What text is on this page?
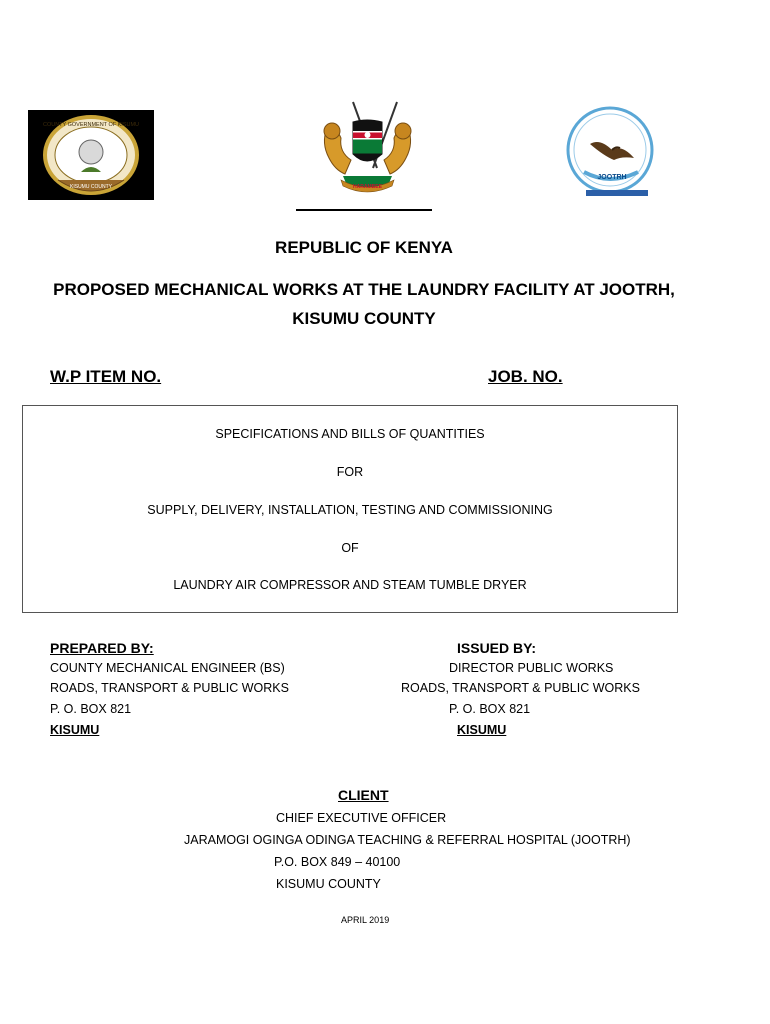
COUNTY GOVERNMENT OF KISUMU
KISUMU COUNTY	HARAMBEE
JOOTRH
REPUBLIC OF KENYA
PROPOSED MECHANICAL WORKS AT THE LAUNDRY FACILITY AT JOOTRH,
KISUMU COUNTY
W.P ITEM NO.	JOB. NO.
SPECIFICATIONS AND BILLS OF QUANTITIES
FOR
SUPPLY, DELIVERY, INSTALLATION, TESTING AND COMMISSIONING
OF
LAUNDRY AIR COMPRESSOR AND STEAM TUMBLE DRYER
PREPARED BY:
COUNTY MECHANICAL ENGINEER (BS)
ROADS, TRANSPORT & PUBLIC WORKS
P. O. BOX 821
KISUMU
ISSUED BY:
DIRECTOR PUBLIC WORKS
ROADS, TRANSPORT & PUBLIC WORKS
P. O. BOX 821
KISUMU
CLIENT
CHIEF EXECUTIVE OFFICER
JARAMOGI OGINGA ODINGA TEACHING & REFERRAL HOSPITAL (JOOTRH)
P.O. BOX 849 – 40100
KISUMU COUNTY
APRIL 2019
